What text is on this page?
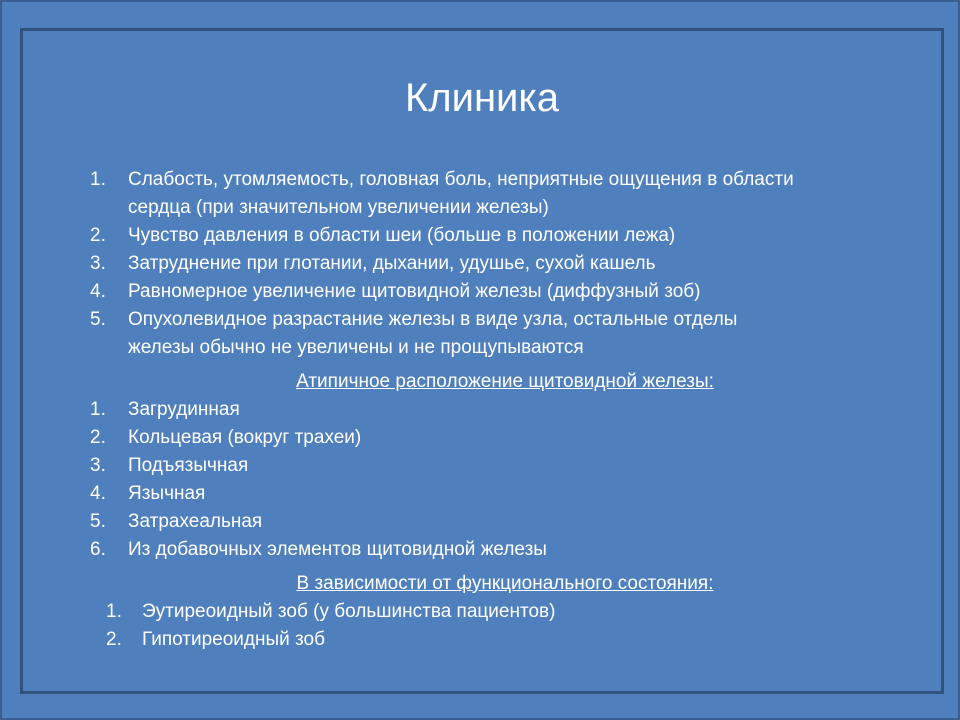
Клиника
1.	Слабость, утомляемость, головная боль, неприятные ощущения в области
сердца (при значительном увеличении железы)
2.	Чувство давления в области шеи (больше в положении лежа)
3.	Затруднение при глотании, дыхании, удушье, сухой кашель
4.	Равномерное увеличение щитовидной железы (диффузный зоб)
5.	Опухолевидное разрастание железы в виде узла, остальные отделы
железы обычно не увеличены и не прощупываются
Атипичное расположение щитовидной железы:
1.	Загрудинная
2.	Кольцевая (вокруг трахеи)
3.	Подъязычная
4.	Язычная
5.	Затрахеальная
6.	Из добавочных элементов щитовидной железы
В зависимости от функционального состояния:
1.	Эутиреоидный зоб (у большинства пациентов)
2.	Гипотиреоидный зоб
